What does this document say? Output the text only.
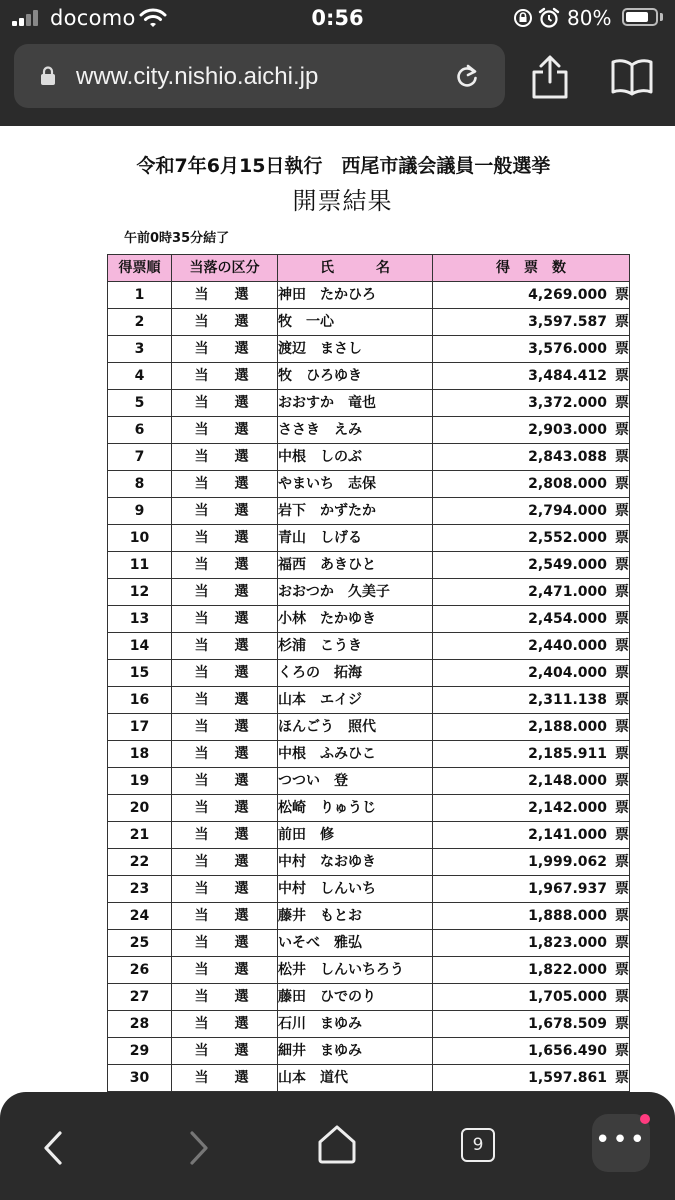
docomo	0:56	80%
www.city.nishio.aichi.jp
令和7年6月15日執行　西尾市議会議員一般選挙
開票結果
午前0時35分結了
得票順	当落の区分	氏　　　名	得　票　数
1	当　選	神田　たかひろ	4,269.000 票
2	当　選	牧　一心	3,597.587 票
3	当　選	渡辺　まさし	3,576.000 票
4	当　選	牧　ひろゆき	3,484.412 票
5	当　選	おおすか　竜也	3,372.000 票
6	当　選	ささき　えみ	2,903.000 票
7	当　選	中根　しのぶ	2,843.088 票
8	当　選	やまいち　志保	2,808.000 票
9	当　選	岩下　かずたか	2,794.000 票
10	当　選	青山　しげる	2,552.000 票
11	当　選	福西　あきひと	2,549.000 票
12	当　選	おおつか　久美子	2,471.000 票
13	当　選	小林　たかゆき	2,454.000 票
14	当　選	杉浦　こうき	2,440.000 票
15	当　選	くろの　拓海	2,404.000 票
16	当　選	山本　エイジ	2,311.138 票
17	当　選	ほんごう　照代	2,188.000 票
18	当　選	中根　ふみひこ	2,185.911 票
19	当　選	つつい　登	2,148.000 票
20	当　選	松崎　りゅうじ	2,142.000 票
21	当　選	前田　修	2,141.000 票
22	当　選	中村　なおゆき	1,999.062 票
23	当　選	中村　しんいち	1,967.937 票
24	当　選	藤井　もとお	1,888.000 票
25	当　選	いそべ　雅弘	1,823.000 票
26	当　選	松井　しんいちろう	1,822.000 票
27	当　選	藤田　ひでのり	1,705.000 票
28	当　選	石川　まゆみ	1,678.509 票
29	当　選	細井　まゆみ	1,656.490 票
30	当　選	山本　道代	1,597.861 票
9	•••
